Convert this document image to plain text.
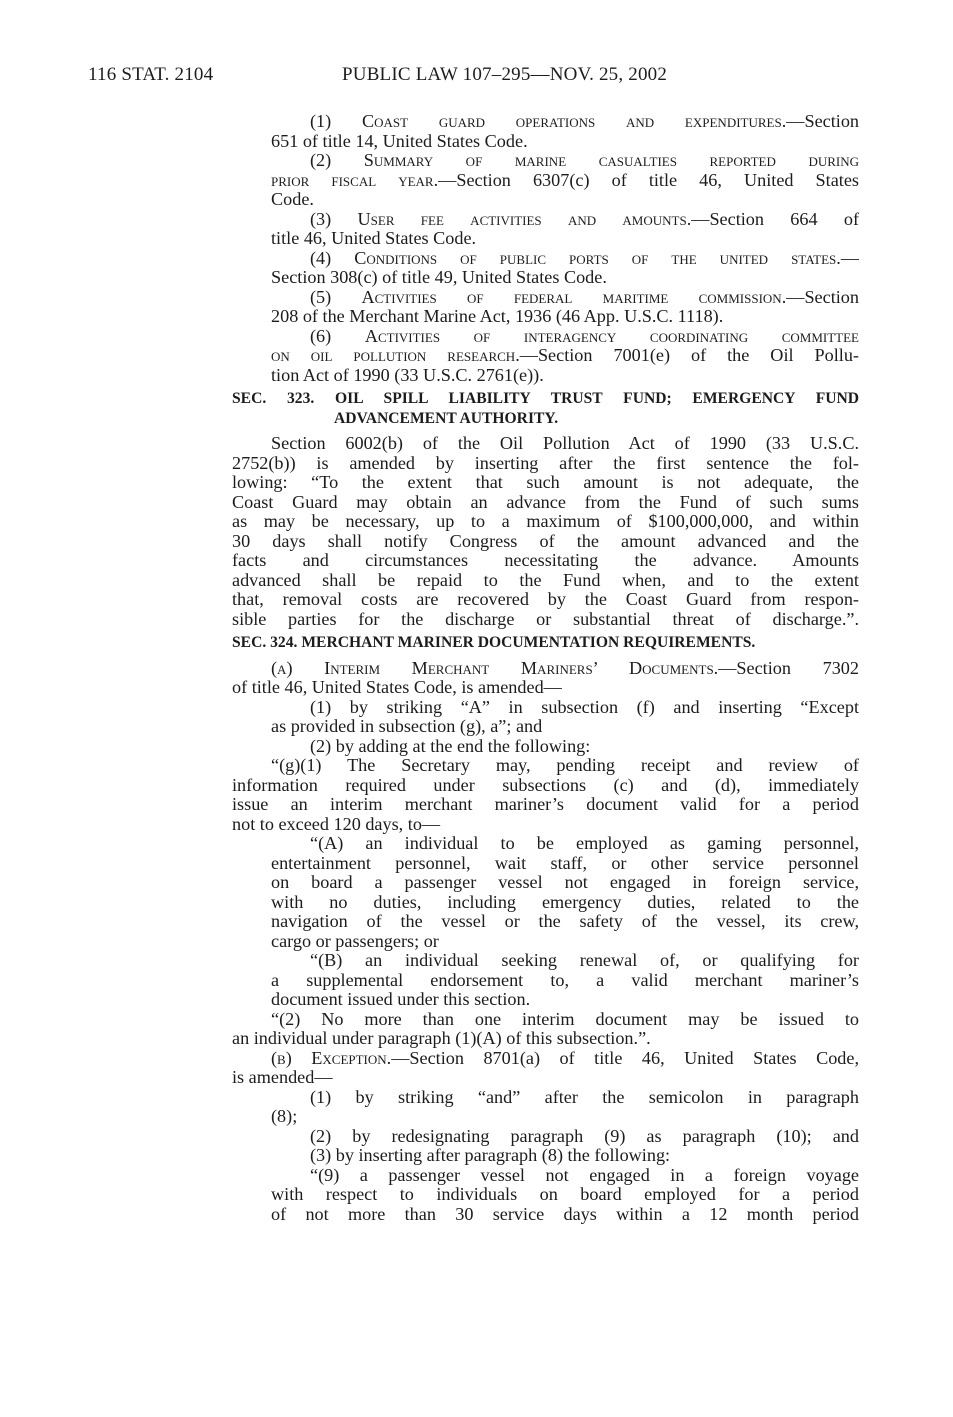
116 STAT. 2104	PUBLIC LAW 107–295—NOV. 25, 2002
(1) Coast guard operations and expenditures.—Section
651 of title 14, United States Code.
(2) Summary of marine casualties reported during
prior fiscal year.—Section 6307(c) of title 46, United States
Code.
(3) User fee activities and amounts.—Section 664 of
title 46, United States Code.
(4) Conditions of public ports of the united states.—
Section 308(c) of title 49, United States Code.
(5) Activities of federal maritime commission.—Section
208 of the Merchant Marine Act, 1936 (46 App. U.S.C. 1118).
(6) Activities of interagency coordinating committee
on oil pollution research.—Section 7001(e) of the Oil Pollu-
tion Act of 1990 (33 U.S.C. 2761(e)).
SEC. 323. OIL SPILL LIABILITY TRUST FUND; EMERGENCY FUND
ADVANCEMENT AUTHORITY.
Section 6002(b) of the Oil Pollution Act of 1990 (33 U.S.C.
2752(b)) is amended by inserting after the first sentence the fol-
lowing: “To the extent that such amount is not adequate, the
Coast Guard may obtain an advance from the Fund of such sums
as may be necessary, up to a maximum of $100,000,000, and within
30 days shall notify Congress of the amount advanced and the
facts and circumstances necessitating the advance. Amounts
advanced shall be repaid to the Fund when, and to the extent
that, removal costs are recovered by the Coast Guard from respon-
sible parties for the discharge or substantial threat of discharge.”.
SEC. 324. MERCHANT MARINER DOCUMENTATION REQUIREMENTS.
(a) Interim Merchant Mariners’ Documents.—Section 7302
of title 46, United States Code, is amended—
(1) by striking “A” in subsection (f) and inserting “Except
as provided in subsection (g), a”; and
(2) by adding at the end the following:
“(g)(1) The Secretary may, pending receipt and review of
information required under subsections (c) and (d), immediately
issue an interim merchant mariner’s document valid for a period
not to exceed 120 days, to—
“(A) an individual to be employed as gaming personnel,
entertainment personnel, wait staff, or other service personnel
on board a passenger vessel not engaged in foreign service,
with no duties, including emergency duties, related to the
navigation of the vessel or the safety of the vessel, its crew,
cargo or passengers; or
“(B) an individual seeking renewal of, or qualifying for
a supplemental endorsement to, a valid merchant mariner’s
document issued under this section.
“(2) No more than one interim document may be issued to
an individual under paragraph (1)(A) of this subsection.”.
(b) Exception.—Section 8701(a) of title 46, United States Code,
is amended—
(1) by striking “and” after the semicolon in paragraph
(8);
(2) by redesignating paragraph (9) as paragraph (10); and
(3) by inserting after paragraph (8) the following:
“(9) a passenger vessel not engaged in a foreign voyage
with respect to individuals on board employed for a period
of not more than 30 service days within a 12 month period
